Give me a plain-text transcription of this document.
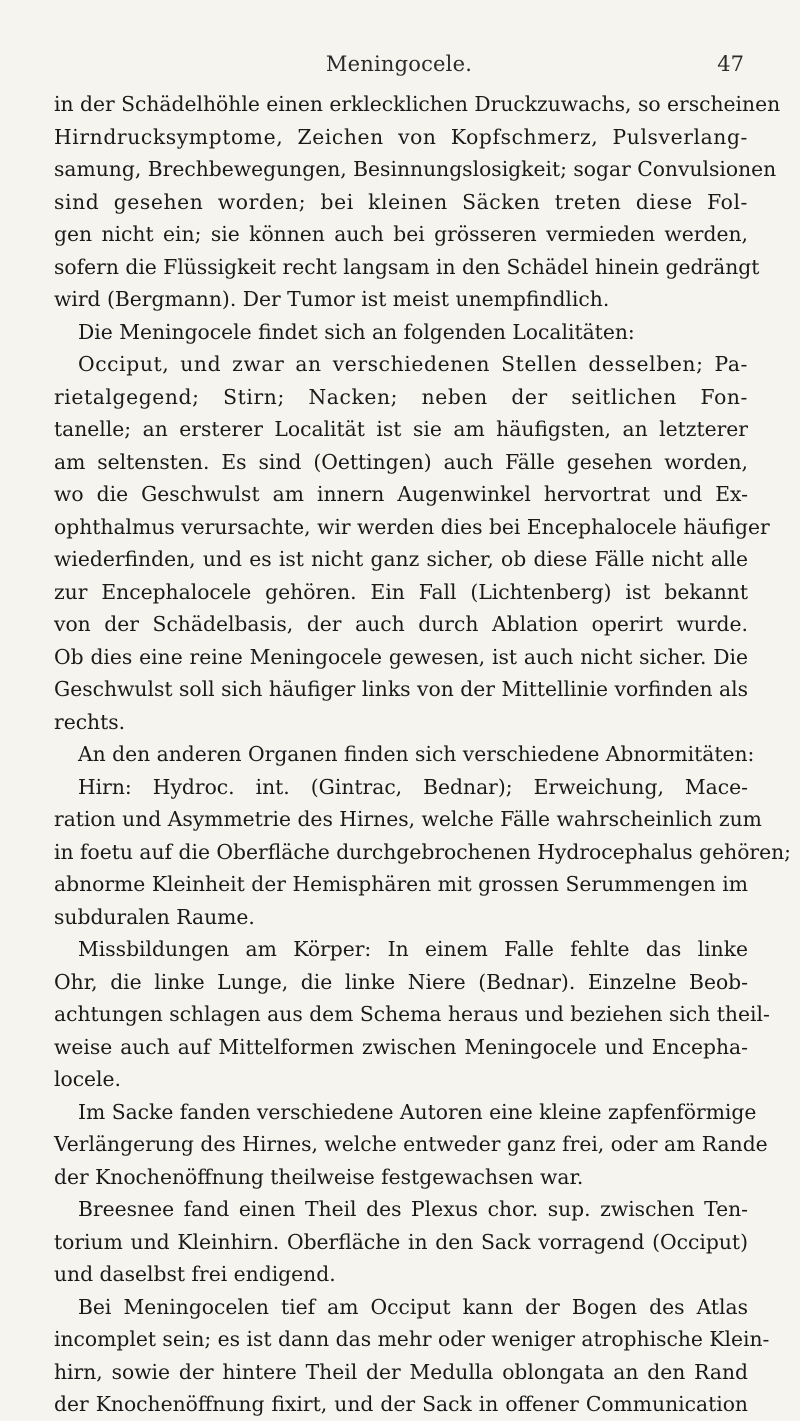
Meningocele.	47
in der Schädelhöhle einen erklecklichen Druckzuwachs, so erscheinen
Hirndrucksymptome, Zeichen von Kopfschmerz, Pulsverlang-
samung, Brechbewegungen, Besinnungslosigkeit; sogar Convulsionen
sind gesehen worden; bei kleinen Säcken treten diese Fol-
gen nicht ein; sie können auch bei grösseren vermieden werden,
sofern die Flüssigkeit recht langsam in den Schädel hinein gedrängt
wird (Bergmann). Der Tumor ist meist unempfindlich.
Die Meningocele findet sich an folgenden Localitäten:
Occiput, und zwar an verschiedenen Stellen desselben; Pa-
rietalgegend; Stirn; Nacken; neben der seitlichen Fon-
tanelle; an ersterer Localität ist sie am häufigsten, an letzterer
am seltensten. Es sind (Oettingen) auch Fälle gesehen worden,
wo die Geschwulst am innern Augenwinkel hervortrat und Ex-
ophthalmus verursachte, wir werden dies bei Encephalocele häufiger
wiederfinden, und es ist nicht ganz sicher, ob diese Fälle nicht alle
zur Encephalocele gehören. Ein Fall (Lichtenberg) ist bekannt
von der Schädelbasis, der auch durch Ablation operirt wurde.
Ob dies eine reine Meningocele gewesen, ist auch nicht sicher. Die
Geschwulst soll sich häufiger links von der Mittellinie vorfinden als
rechts.
An den anderen Organen finden sich verschiedene Abnormitäten:
Hirn: Hydroc. int. (Gintrac, Bednar); Erweichung, Mace-
ration und Asymmetrie des Hirnes, welche Fälle wahrscheinlich zum
in foetu auf die Oberfläche durchgebrochenen Hydrocephalus gehören;
abnorme Kleinheit der Hemisphären mit grossen Serummengen im
subduralen Raume.
Missbildungen am Körper: In einem Falle fehlte das linke
Ohr, die linke Lunge, die linke Niere (Bednar). Einzelne Beob-
achtungen schlagen aus dem Schema heraus und beziehen sich theil-
weise auch auf Mittelformen zwischen Meningocele und Encepha-
locele.
Im Sacke fanden verschiedene Autoren eine kleine zapfenförmige
Verlängerung des Hirnes, welche entweder ganz frei, oder am Rande
der Knochenöffnung theilweise festgewachsen war.
Breesnee fand einen Theil des Plexus chor. sup. zwischen Ten-
torium und Kleinhirn. Oberfläche in den Sack vorragend (Occiput)
und daselbst frei endigend.
Bei Meningocelen tief am Occiput kann der Bogen des Atlas
incomplet sein; es ist dann das mehr oder weniger atrophische Klein-
hirn, sowie der hintere Theil der Medulla oblongata an den Rand
der Knochenöffnung fixirt, und der Sack in offener Communication
